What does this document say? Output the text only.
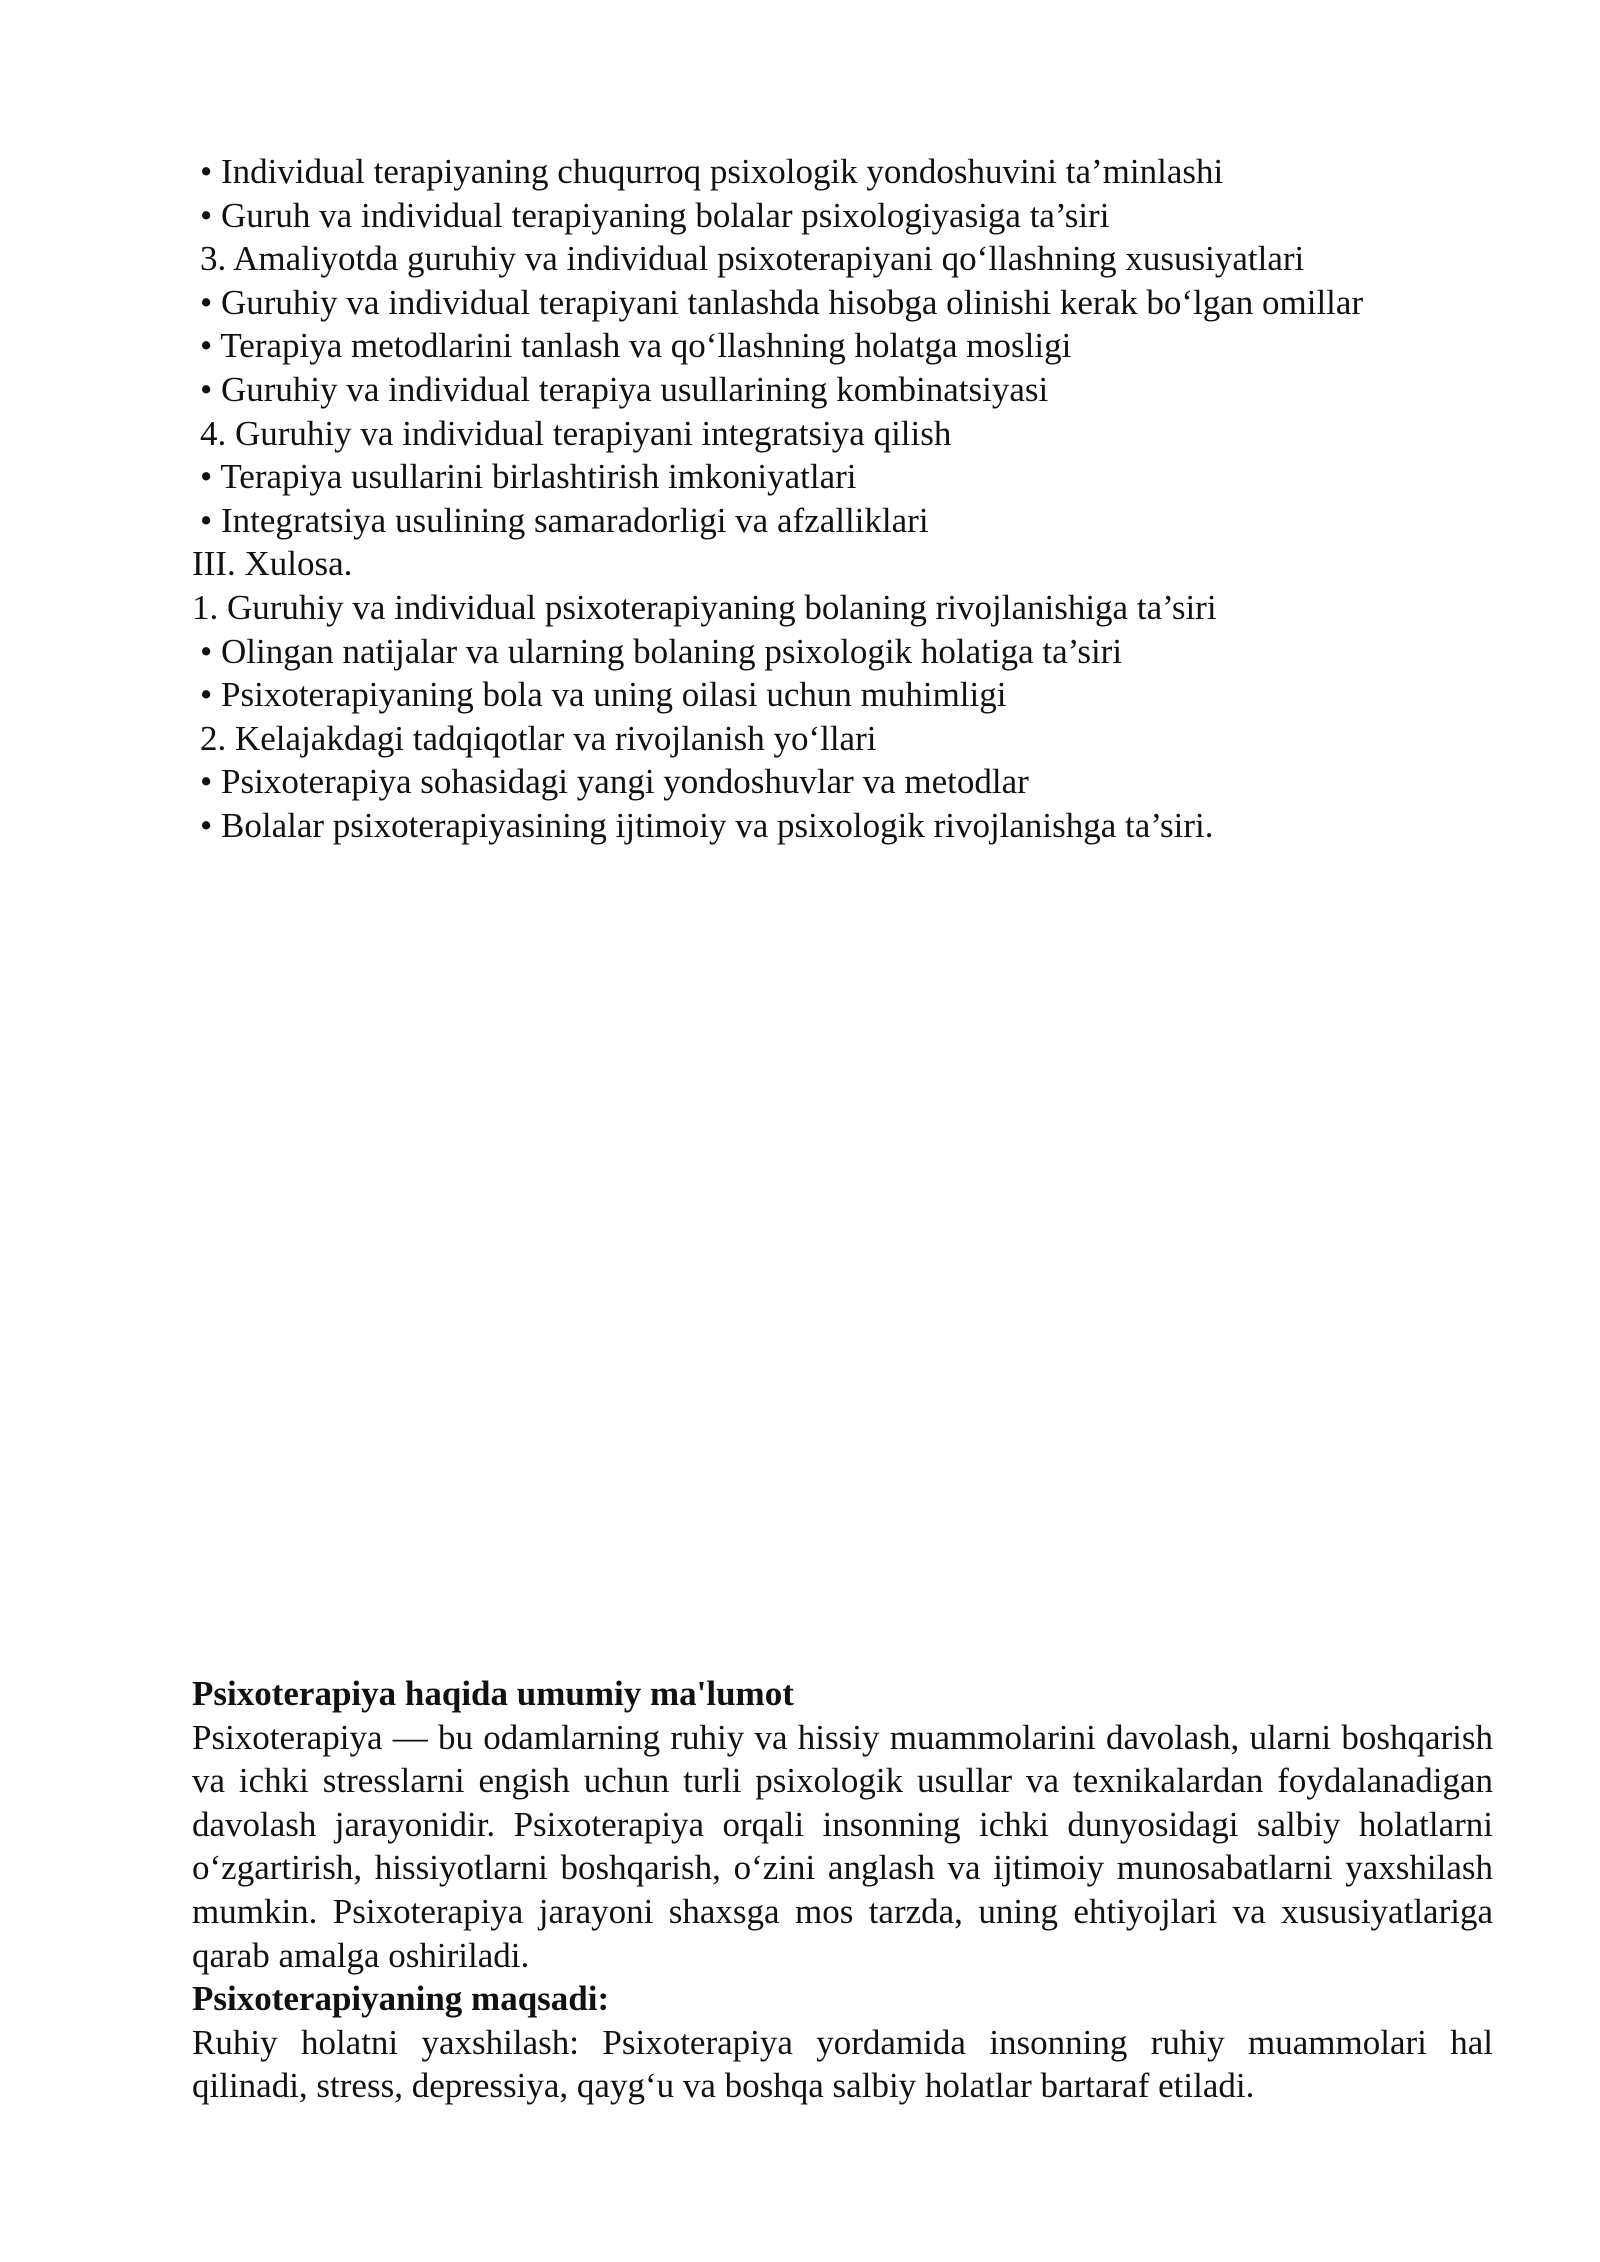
• Individual terapiyaning chuqurroq psixologik yondoshuvini ta’minlashi

• Guruh va individual terapiyaning bolalar psixologiyasiga ta’siri

3. Amaliyotda guruhiy va individual psixoterapiyani qo‘llashning xususiyatlari

• Guruhiy va individual terapiyani tanlashda hisobga olinishi kerak bo‘lgan omillar

• Terapiya metodlarini tanlash va qo‘llashning holatga mosligi

• Guruhiy va individual terapiya usullarining kombinatsiyasi

4. Guruhiy va individual terapiyani integratsiya qilish

• Terapiya usullarini birlashtirish imkoniyatlari

• Integratsiya usulining samaradorligi va afzalliklari

III. Xulosa.

1. Guruhiy va individual psixoterapiyaning bolaning rivojlanishiga ta’siri

• Olingan natijalar va ularning bolaning psixologik holatiga ta’siri

• Psixoterapiyaning bola va uning oilasi uchun muhimligi

2. Kelajakdagi tadqiqotlar va rivojlanish yo‘llari

• Psixoterapiya sohasidagi yangi yondoshuvlar va metodlar

• Bolalar psixoterapiyasining ijtimoiy va psixologik rivojlanishga ta’siri.

Psixoterapiya haqida umumiy ma'lumot

Psixoterapiya — bu odamlarning ruhiy va hissiy muammolarini davolash, ularni boshqarish va ichki stresslarni engish uchun turli psixologik usullar va texnikalardan foydalanadigan davolash jarayonidir. Psixoterapiya orqali insonning ichki dunyosidagi salbiy holatlarni o‘zgartirish, hissiyotlarni boshqarish, o‘zini anglash va ijtimoiy munosabatlarni yaxshilash mumkin. Psixoterapiya jarayoni shaxsga mos tarzda, uning ehtiyojlari va xususiyatlariga qarab amalga oshiriladi.

Psixoterapiyaning maqsadi:

Ruhiy holatni yaxshilash: Psixoterapiya yordamida insonning ruhiy muammolari hal qilinadi, stress, depressiya, qayg‘u va boshqa salbiy holatlar bartaraf etiladi.
